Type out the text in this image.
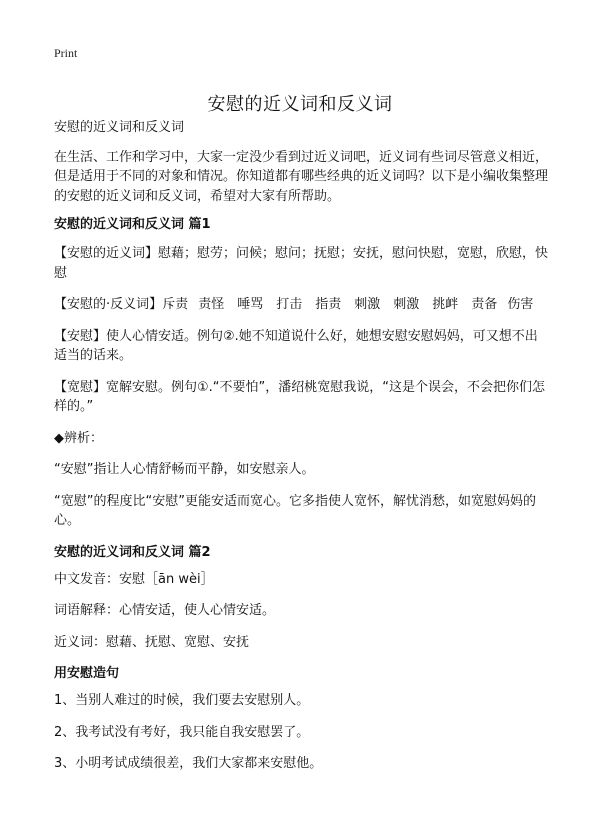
Print
安慰的近义词和反义词

安慰的近义词和反义词

在生活、工作和学习中，大家一定没少看到过近义词吧，近义词有些词尽管意义相近，但是适用于不同的对象和情况。你知道都有哪些经典的近义词吗？以下是小编收集整理的安慰的近义词和反义词，希望对大家有所帮助。

安慰的近义词和反义词 篇1

【安慰的近义词】慰藉；慰劳；问候；慰问；抚慰；安抚，慰问快慰，宽慰，欣慰，快慰

【安慰的·反义词】斥责 责怪　唾骂　打击　指责　刺激　刺激　挑衅　责备 伤害

【安慰】使人心情安适。例句②.她不知道说什么好，她想安慰安慰妈妈，可又想不出适当的话来。

【宽慰】宽解安慰。例句①.“不要怕”，潘绍桃宽慰我说，“这是个误会，不会把你们怎样的。”

◆辨析：

“安慰”指让人心情舒畅而平静，如安慰亲人。

“宽慰”的程度比“安慰”更能安适而宽心。它多指使人宽怀，解忧消愁，如宽慰妈妈的心。

安慰的近义词和反义词 篇2

中文发音：安慰［ān wèi］

词语解释：心情安适，使人心情安适。

近义词：慰藉、抚慰、宽慰、安抚

用安慰造句

1、当别人难过的时候，我们要去安慰别人。

2、我考试没有考好，我只能自我安慰罢了。

3、小明考试成绩很差，我们大家都来安慰他。
